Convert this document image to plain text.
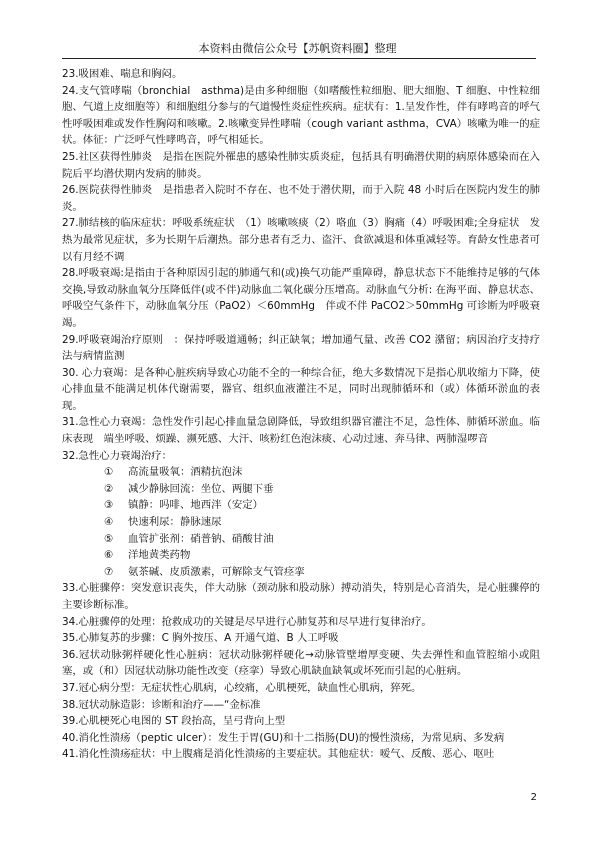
本资料由微信公众号【苏帆资料圈】整理

23.吸困难、喘息和胸闷。

24.支气管哮喘（bronchial　asthma)是由多种细胞（如嗜酸性粒细胞、肥大细胞、T 细胞、中性粒细胞、气道上皮细胞等）和细胞组分参与的气道慢性炎症性疾病。症状有：1.呈发作性，伴有哮鸣音的呼气性呼吸困难或发作性胸闷和咳嗽。2.咳嗽变异性哮喘（cough variant asthma，CVA）咳嗽为唯一的症状。体征：广泛呼气性哮鸣音，呼气相延长。

25.社区获得性肺炎　是指在医院外罹患的感染性肺实质炎症，包括具有明确潜伏期的病原体感染而在入院后平均潜伏期内发病的肺炎。

26.医院获得性肺炎　是指患者入院时不存在、也不处于潜伏期，而于入院 48 小时后在医院内发生的肺炎。

27.肺结核的临床症状：呼吸系统症状　（1）咳嗽咳痰（2）咯血（3）胸痛（4）呼吸困难;全身症状　发热为最常见症状，多为长期午后潮热。部分患者有乏力、盗汗、食欲减退和体重减轻等。育龄女性患者可以有月经不调

28.呼吸衰竭:是指由于各种原因引起的肺通气和(或)换气功能严重障碍，静息状态下不能维持足够的气体交换,导致动脉血氧分压降低伴(或不伴)动脉血二氧化碳分压增高。动脉血气分析: 在海平面、静息状态、呼吸空气条件下，动脉血氧分压（PaO2）＜60mmHg　伴或不伴 PaCO2＞50mmHg 可诊断为呼吸衰竭。

29.呼吸衰竭治疗原则　：保持呼吸道通畅；纠正缺氧；增加通气量、改善 CO2 潴留；病因治疗支持疗法与病情监测

30. 心力衰竭：是各种心脏疾病导致心功能不全的一种综合征，绝大多数情况下是指心肌收缩力下降，使心排血量不能满足机体代谢需要，器官、组织血液灌注不足，同时出现肺循环和（或）体循环淤血的表现。

31.急性心力衰竭：急性发作引起心排血量急剧降低，导致组织器官灌注不足，急性体、肺循环淤血。临床表现　端坐呼吸、烦躁、濒死感、大汗、咳粉红色泡沫痰、心动过速、奔马律、两肺湿啰音

32.急性心力衰竭治疗：

① 高流量吸氧：酒精抗泡沫

② 减少静脉回流：坐位、两腿下垂

③ 镇静：吗啡、地西泮（安定）

④ 快速利尿：静脉速尿

⑤ 血管扩张剂：硝普钠、硝酸甘油

⑥ 洋地黄类药物

⑦ 氨茶碱、皮质激素，可解除支气管痉挛

33.心脏骤停：突发意识丧失，伴大动脉（颈动脉和股动脉）搏动消失，特别是心音消失，是心脏骤停的主要诊断标准。

34.心脏骤停的处理：抢救成功的关键是尽早进行心肺复苏和尽早进行复律治疗。

35.心肺复苏的步骤：C 胸外按压、A 开通气道、B 人工呼吸

36.冠状动脉粥样硬化性心脏病：冠状动脉粥样硬化→动脉管壁增厚变硬、失去弹性和血管腔缩小或阻塞，或（和）因冠状动脉功能性改变（痉挛）导致心肌缺血缺氧或坏死而引起的心脏病。

37.冠心病分型：无症状性心肌病，心绞痛，心肌梗死，缺血性心肌病，猝死。

38.冠状动脉造影：诊断和治疗——“金标准

39.心肌梗死心电图的 ST 段抬高，呈弓背向上型

40.消化性溃疡（peptic ulcer）：发生于胃(GU)和十二指肠(DU)的慢性溃疡，为常见病、多发病

41.消化性溃疡症状：中上腹痛是消化性溃疡的主要症状。其他症状：嗳气、反酸、恶心、呕吐

2
